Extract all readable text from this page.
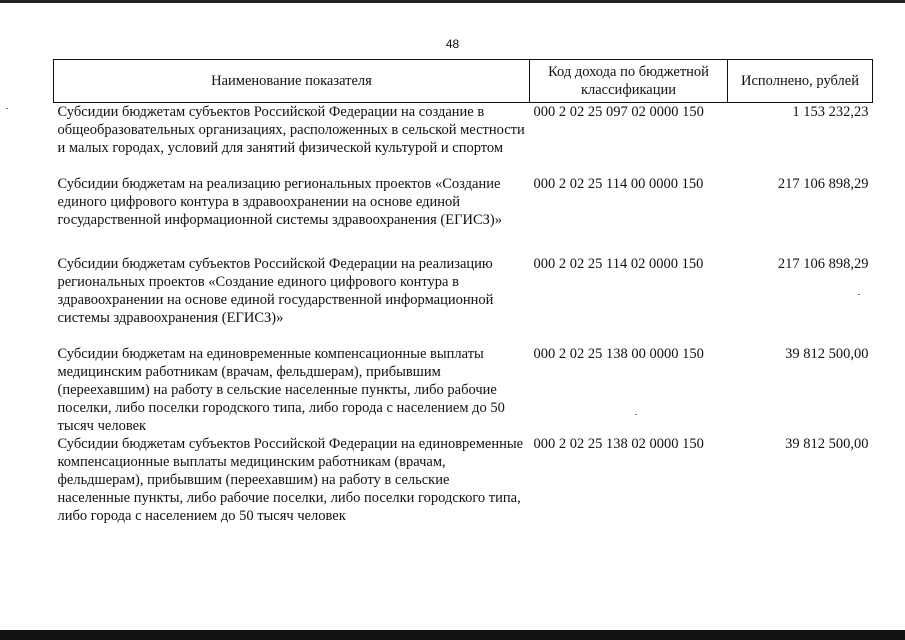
48
Наименование показателя	Код дохода по бюджетной классификации	Исполнено, рублей
Субсидии бюджетам субъектов Российской Федерации на создание в общеобразовательных организациях, расположенных в сельской местности и малых городах, условий для занятий физической культурой и спортом	000 2 02 25 097 02 0000 150	1 153 232,23
Субсидии бюджетам на реализацию региональных проектов «Создание единого цифрового контура в здравоохранении на основе единой государственной информационной системы здравоохранения (ЕГИСЗ)»	000 2 02 25 114 00 0000 150	217 106 898,29
Субсидии бюджетам субъектов Российской Федерации на реализацию региональных проектов «Создание единого цифрового контура в здравоохранении на основе единой государственной информационной системы здравоохранения (ЕГИСЗ)»	000 2 02 25 114 02 0000 150	217 106 898,29
Субсидии бюджетам на единовременные компенсационные выплаты медицинским работникам (врачам, фельдшерам), прибывшим (переехавшим) на работу в сельские населенные пункты, либо рабочие поселки, либо поселки городского типа, либо города с населением до 50 тысяч человек	000 2 02 25 138 00 0000 150	39 812 500,00
Субсидии бюджетам субъектов Российской Федерации на единовременные компенсационные выплаты медицинским работникам (врачам, фельдшерам), прибывшим (переехавшим) на работу в сельские населенные пункты, либо рабочие поселки, либо поселки городского типа, либо города с населением до 50 тысяч человек	000 2 02 25 138 02 0000 150	39 812 500,00
